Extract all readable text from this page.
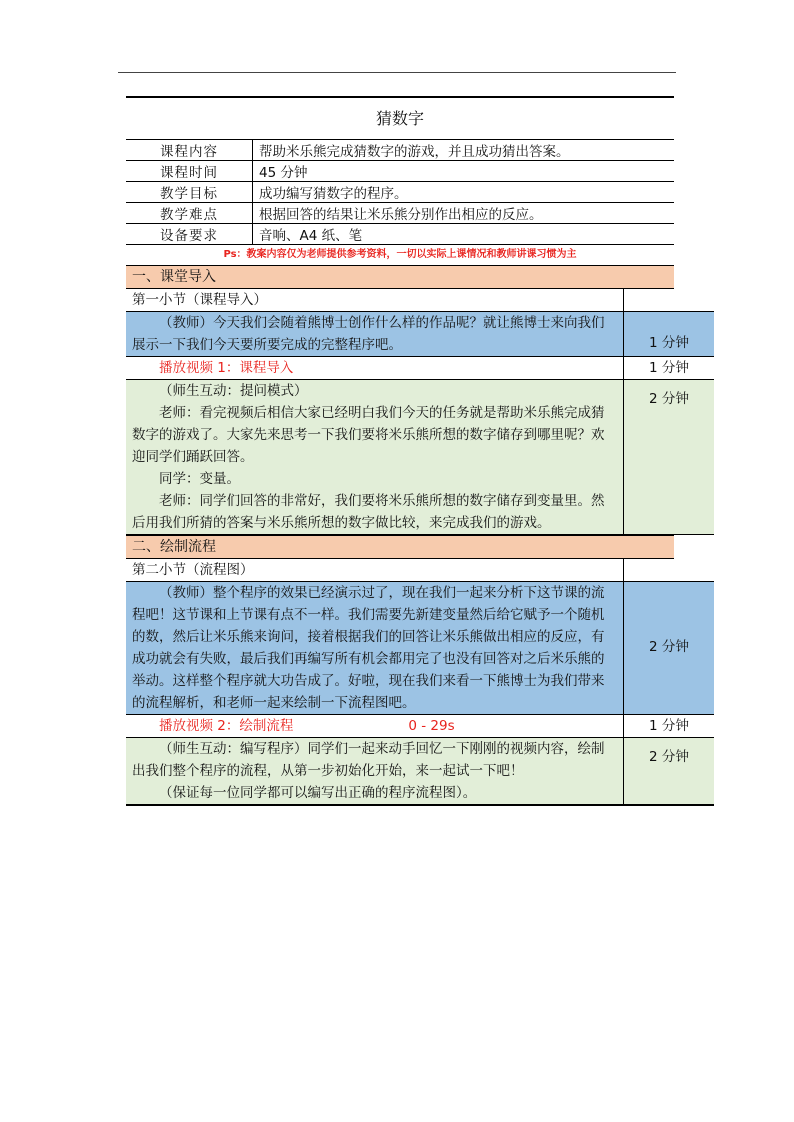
猜数字
课程内容	帮助米乐熊完成猜数字的游戏，并且成功猜出答案。
课程时间	45 分钟
教学目标	成功编写猜数字的程序。
教学难点	根据回答的结果让米乐熊分别作出相应的反应。
设备要求	音响、A4 纸、笔
Ps：教案内容仅为老师提供参考资料，一切以实际上课情况和教师讲课习惯为主
一、课堂导入
第一小节（课程导入）	

（教师）今天我们会随着熊博士创作什么样的作品呢？就让熊博士来向我们展示一下我们今天要所要完成的完整程序吧。	1 分钟

播放视频 1：课程导入	1 分钟

（师生互动：提问模式）

老师：看完视频后相信大家已经明白我们今天的任务就是帮助米乐熊完成猜数字的游戏了。大家先来思考一下我们要将米乐熊所想的数字储存到哪里呢？欢迎同学们踊跃回答。

同学：变量。

老师：同学们回答的非常好，我们要将米乐熊所想的数字储存到变量里。然后用我们所猜的答案与米乐熊所想的数字做比较，来完成我们的游戏。	2 分钟
二、绘制流程
第二小节（流程图）	

（教师）整个程序的效果已经演示过了，现在我们一起来分析下这节课的流程吧！这节课和上节课有点不一样。我们需要先新建变量然后给它赋予一个随机的数，然后让米乐熊来询问，接着根据我们的回答让米乐熊做出相应的反应，有成功就会有失败，最后我们再编写所有机会都用完了也没有回答对之后米乐熊的举动。这样整个程序就大功告成了。好啦，现在我们来看一下熊博士为我们带来的流程解析，和老师一起来绘制一下流程图吧。	2 分钟

播放视频 2：绘制流程 0 - 29s	1 分钟

（师生互动：编写程序）同学们一起来动手回忆一下刚刚的视频内容，绘制出我们整个程序的流程，从第一步初始化开始，来一起试一下吧！

（保证每一位同学都可以编写出正确的程序流程图）。	2 分钟
